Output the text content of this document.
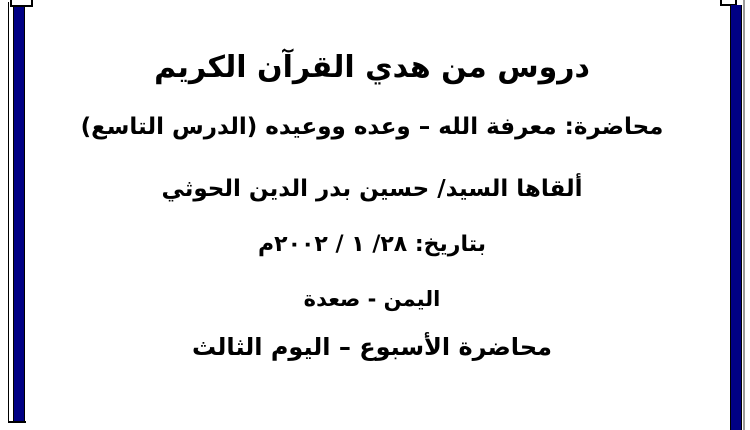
دروس من هدي القرآن الكريم
محاضرة: معرفة الله – وعده ووعيده (الدرس التاسع)
ألقاها السيد/ حسين بدر الدين الحوثي
بتاريخ: ٢٨/ ١ / ٢٠٠٢م
اليمن - صعدة
محاضرة الأسبوع – اليوم الثالث
